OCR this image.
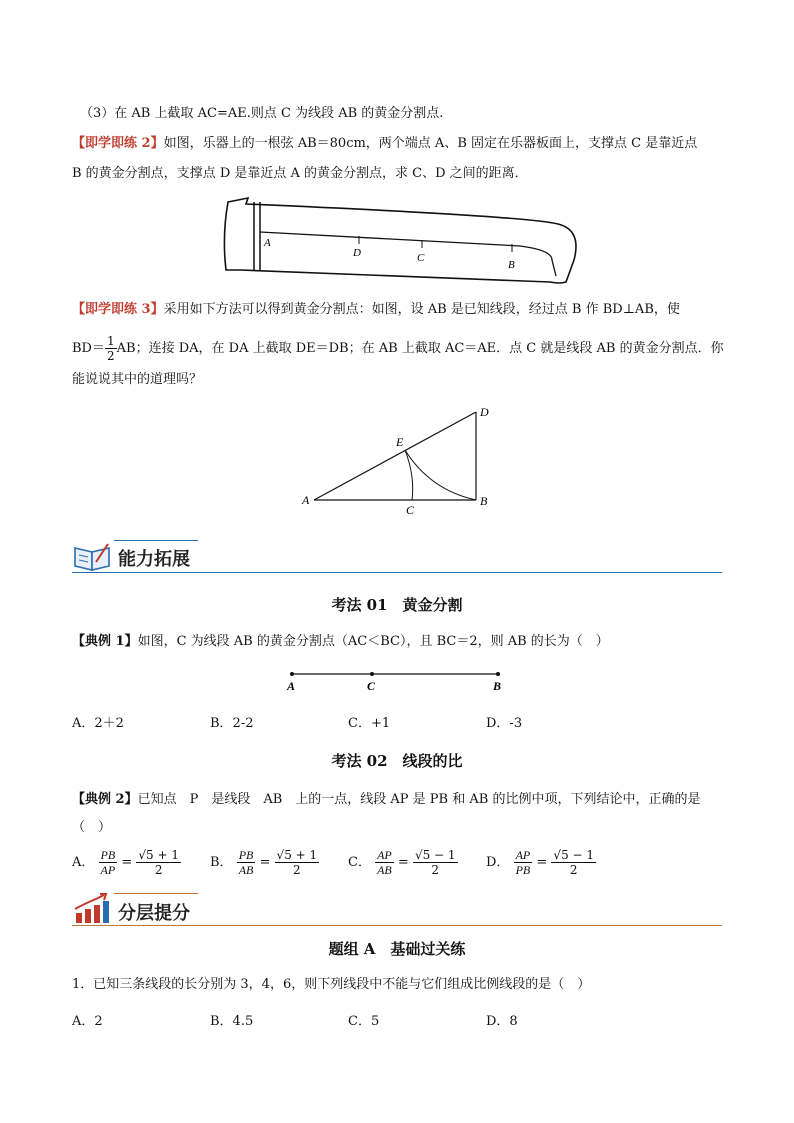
（3）在 AB 上截取 AC=AE.则点 C 为线段 AB 的黄金分割点.
【即学即练 2】如图，乐器上的一根弦 AB＝80cm，两个端点 A、B 固定在乐器板面上，支撑点 C 是靠近点
B 的黄金分割点，支撑点 D 是靠近点 A 的黄金分割点，求 C、D 之间的距离．
A
D	C
B
【即学即练 3】采用如下方法可以得到黄金分割点：如图，设 AB 是已知线段，经过点 B 作 BD⊥AB，使
$BD= \frac{1}{2}$ AB；连接 DA，在 DA 上截取 DE＝DB；在 AB 上截取 AC＝AE．点 C 就是线段 AB 的黄金分割点．你
能说说其中的道理吗？
A	B
C
D
E
能力拓展
考法 01　黄金分割
【典例 1】如图，C 为线段 AB 的黄金分割点（AC＜BC），且 BC＝2，则 AB 的长为（　）
A	C	B
A．2＋2	B．2-2	C．+1	D．-3
考法 02　线段的比
【典例 2】已知点　P　是线段　AB　上的一点，线段 AP 是 PB 和 AB 的比例中项，下列结论中，正确的是
（　）
A． $\frac{PB}{AP} = \frac{√5 + 1}{2}$ B． $\frac{PB}{AB} = \frac{√5 + 1}{2}$ C． $\frac{AP}{AB} = \frac{√5 - 1}{2}$ D． $\frac{AP}{PB} = \frac{√5 - 1}{2}$
分层提分
题组 A　基础过关练
1．已知三条线段的长分别为 3，4，6，则下列线段中不能与它们组成比例线段的是（　）
A．2	B．4.5	C．5	D．8
